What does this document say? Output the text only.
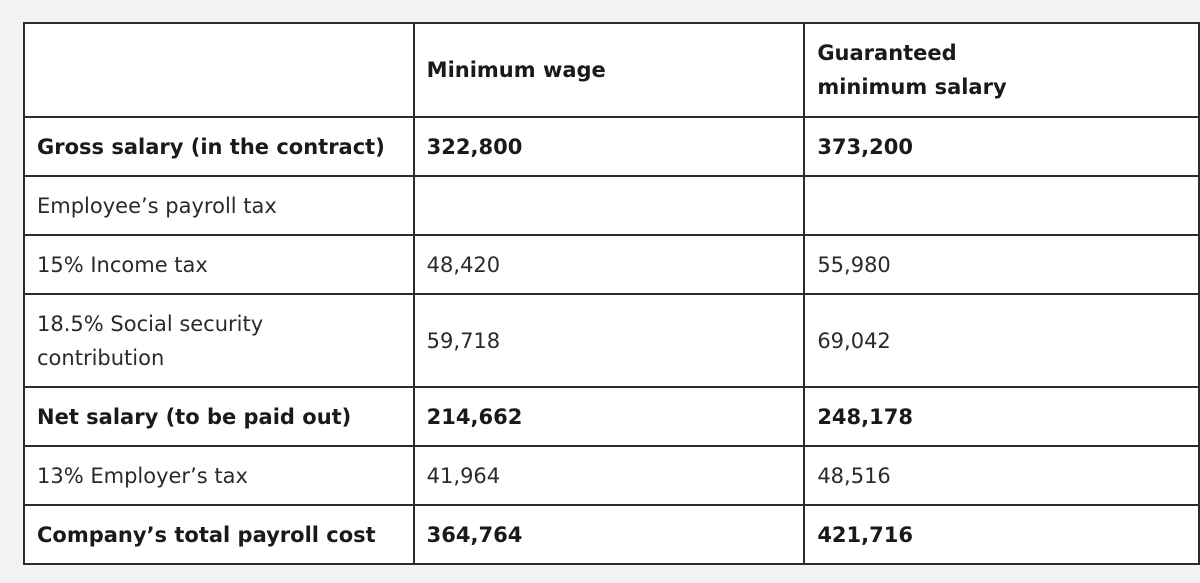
	Minimum wage	Guaranteed
minimum salary	
Gross salary (in the contract)	322,800	373,200	
Employee’s payroll tax			
15% Income tax	48,420	55,980	
18.5% Social security
contribution	59,718	69,042	
Net salary (to be paid out)	214,662	248,178	
13% Employer’s tax	41,964	48,516	
Company’s total payroll cost	364,764	421,716	
